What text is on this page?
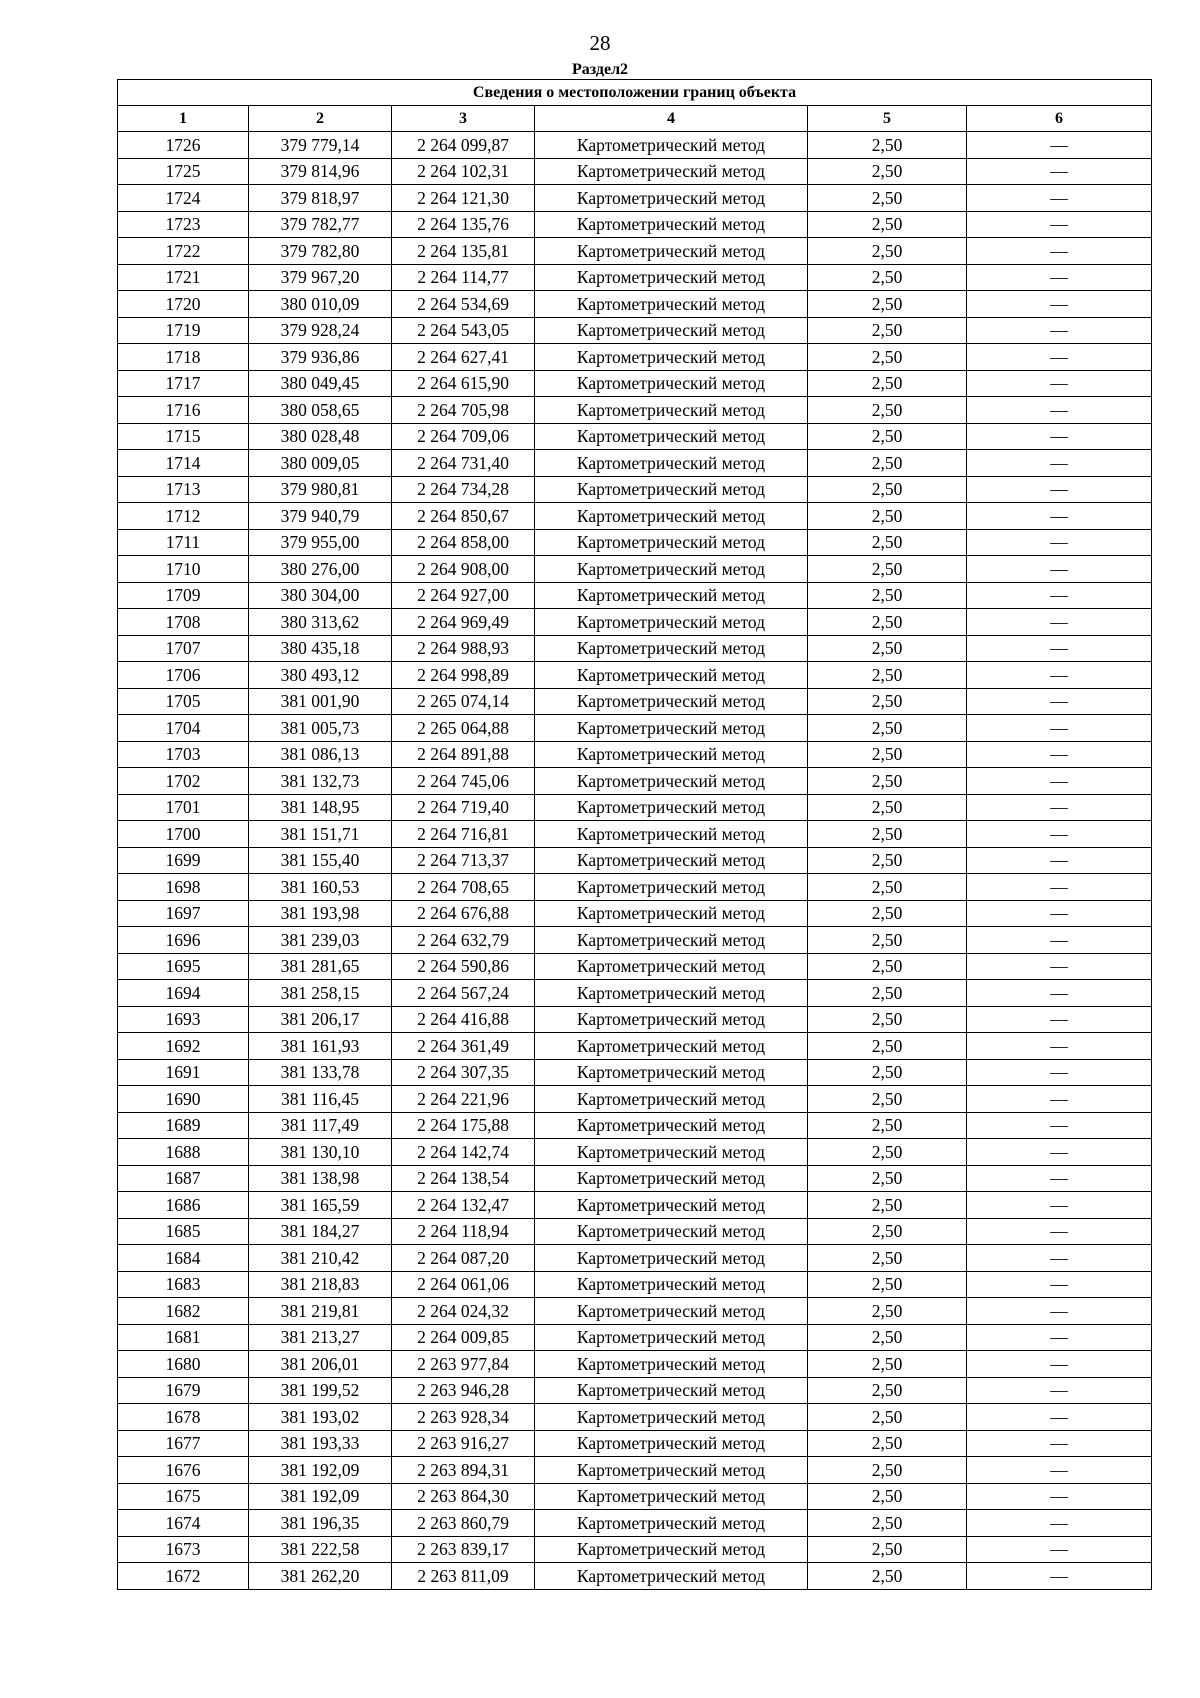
28
Раздел2
Сведения о местоположении границ объекта					
1	2	3	4	5	6
1726	379 779,14	2 264 099,87	Картометрический метод	2,50	—
1725	379 814,96	2 264 102,31	Картометрический метод	2,50	—
1724	379 818,97	2 264 121,30	Картометрический метод	2,50	—
1723	379 782,77	2 264 135,76	Картометрический метод	2,50	—
1722	379 782,80	2 264 135,81	Картометрический метод	2,50	—
1721	379 967,20	2 264 114,77	Картометрический метод	2,50	—
1720	380 010,09	2 264 534,69	Картометрический метод	2,50	—
1719	379 928,24	2 264 543,05	Картометрический метод	2,50	—
1718	379 936,86	2 264 627,41	Картометрический метод	2,50	—
1717	380 049,45	2 264 615,90	Картометрический метод	2,50	—
1716	380 058,65	2 264 705,98	Картометрический метод	2,50	—
1715	380 028,48	2 264 709,06	Картометрический метод	2,50	—
1714	380 009,05	2 264 731,40	Картометрический метод	2,50	—
1713	379 980,81	2 264 734,28	Картометрический метод	2,50	—
1712	379 940,79	2 264 850,67	Картометрический метод	2,50	—
1711	379 955,00	2 264 858,00	Картометрический метод	2,50	—
1710	380 276,00	2 264 908,00	Картометрический метод	2,50	—
1709	380 304,00	2 264 927,00	Картометрический метод	2,50	—
1708	380 313,62	2 264 969,49	Картометрический метод	2,50	—
1707	380 435,18	2 264 988,93	Картометрический метод	2,50	—
1706	380 493,12	2 264 998,89	Картометрический метод	2,50	—
1705	381 001,90	2 265 074,14	Картометрический метод	2,50	—
1704	381 005,73	2 265 064,88	Картометрический метод	2,50	—
1703	381 086,13	2 264 891,88	Картометрический метод	2,50	—
1702	381 132,73	2 264 745,06	Картометрический метод	2,50	—
1701	381 148,95	2 264 719,40	Картометрический метод	2,50	—
1700	381 151,71	2 264 716,81	Картометрический метод	2,50	—
1699	381 155,40	2 264 713,37	Картометрический метод	2,50	—
1698	381 160,53	2 264 708,65	Картометрический метод	2,50	—
1697	381 193,98	2 264 676,88	Картометрический метод	2,50	—
1696	381 239,03	2 264 632,79	Картометрический метод	2,50	—
1695	381 281,65	2 264 590,86	Картометрический метод	2,50	—
1694	381 258,15	2 264 567,24	Картометрический метод	2,50	—
1693	381 206,17	2 264 416,88	Картометрический метод	2,50	—
1692	381 161,93	2 264 361,49	Картометрический метод	2,50	—
1691	381 133,78	2 264 307,35	Картометрический метод	2,50	—
1690	381 116,45	2 264 221,96	Картометрический метод	2,50	—
1689	381 117,49	2 264 175,88	Картометрический метод	2,50	—
1688	381 130,10	2 264 142,74	Картометрический метод	2,50	—
1687	381 138,98	2 264 138,54	Картометрический метод	2,50	—
1686	381 165,59	2 264 132,47	Картометрический метод	2,50	—
1685	381 184,27	2 264 118,94	Картометрический метод	2,50	—
1684	381 210,42	2 264 087,20	Картометрический метод	2,50	—
1683	381 218,83	2 264 061,06	Картометрический метод	2,50	—
1682	381 219,81	2 264 024,32	Картометрический метод	2,50	—
1681	381 213,27	2 264 009,85	Картометрический метод	2,50	—
1680	381 206,01	2 263 977,84	Картометрический метод	2,50	—
1679	381 199,52	2 263 946,28	Картометрический метод	2,50	—
1678	381 193,02	2 263 928,34	Картометрический метод	2,50	—
1677	381 193,33	2 263 916,27	Картометрический метод	2,50	—
1676	381 192,09	2 263 894,31	Картометрический метод	2,50	—
1675	381 192,09	2 263 864,30	Картометрический метод	2,50	—
1674	381 196,35	2 263 860,79	Картометрический метод	2,50	—
1673	381 222,58	2 263 839,17	Картометрический метод	2,50	—
1672	381 262,20	2 263 811,09	Картометрический метод	2,50	—
